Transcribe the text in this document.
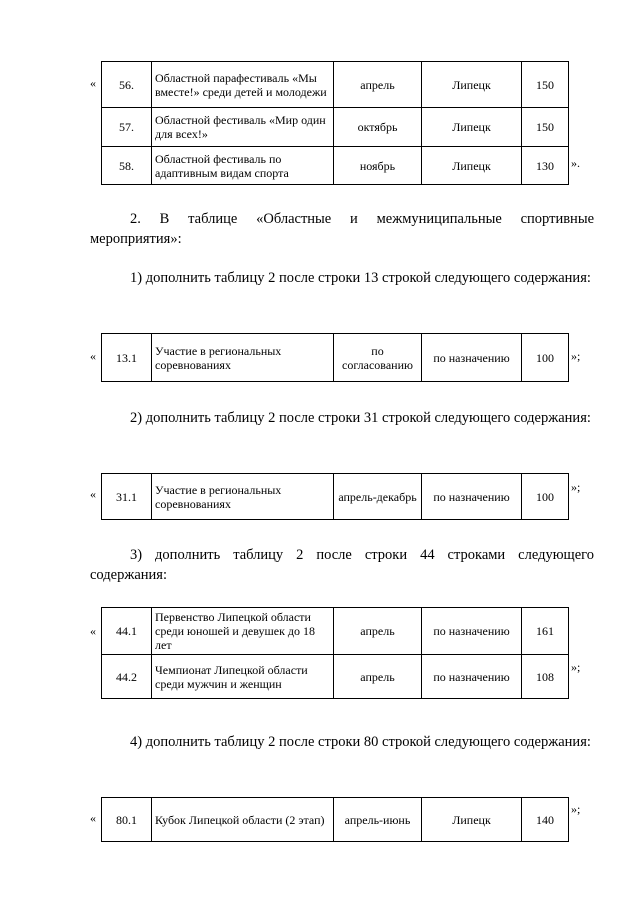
« 56.	Областной парафестиваль «Мы вместе!» среди детей и молодежи	апрель	Липецк	150
57.	Областной фестиваль «Мир один для всех!»	октябрь	Липецк	150
58.	Областной фестиваль по адаптивным видам спорта	ноябрь	Липецк	130 ».
2. В таблице «Областные и межмуниципальные спортивные мероприятия»:
1) дополнить таблицу 2 после строки 13 строкой следующего содержания:
« 13.1	Участие в региональных соревнованиях	по согласованию	по назначению	100 »;
2) дополнить таблицу 2 после строки 31 строкой следующего содержания:
« 31.1	Участие в региональных соревнованиях	апрель-декабрь	по назначению	100
»;
3) дополнить таблицу 2 после строки 44 строками следующего содержания:
« 44.1	Первенство Липецкой области среди юношей и девушек до 18 лет	апрель	по назначению	161
44.2	Чемпионат Липецкой области среди мужчин и женщин	апрель	по назначению	108
»;
4) дополнить таблицу 2 после строки 80 строкой следующего содержания:
« 80.1	Кубок Липецкой области (2 этап)	апрель-июнь	Липецк	140
»;
